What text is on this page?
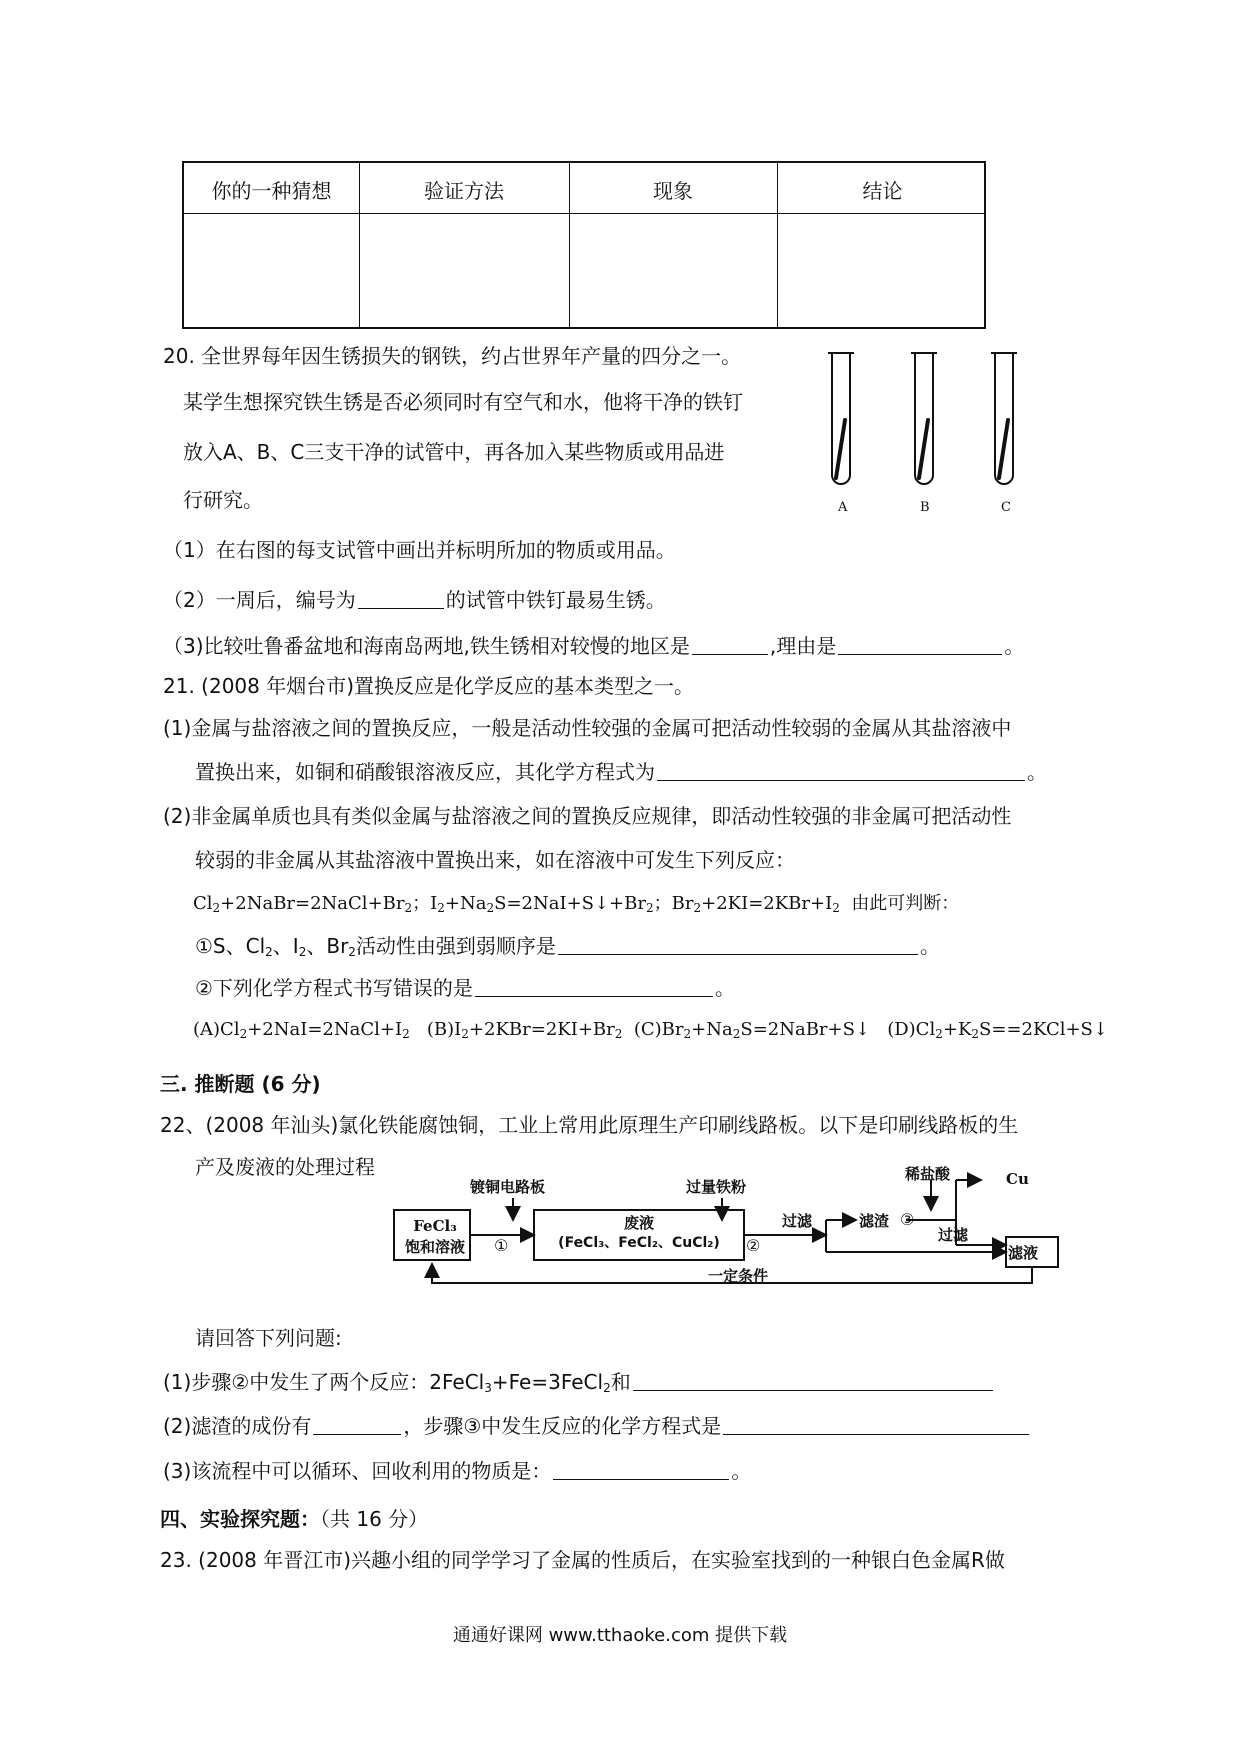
你的一种猜想	验证方法	现象	结论
20. 全世界每年因生锈损失的钢铁，约占世界年产量的四分之一。
某学生想探究铁生锈是否必须同时有空气和水，他将干净的铁钉
放入A、B、C三支干净的试管中，再各加入某些物质或用品进
行研究。	A	B	C
（1）在右图的每支试管中画出并标明所加的物质或用品。
（2）一周后，编号为	的试管中铁钉最易生锈。
（3)比较吐鲁番盆地和海南岛两地,铁生锈相对较慢的地区是	,理由是	。
21. (2008 年烟台市)置换反应是化学反应的基本类型之一。
(1)金属与盐溶液之间的置换反应，一般是活动性较强的金属可把活动性较弱的金属从其盐溶液中
置换出来，如铜和硝酸银溶液反应，其化学方程式为	。
(2)非金属单质也具有类似金属与盐溶液之间的置换反应规律，即活动性较强的非金属可把活动性
较弱的非金属从其盐溶液中置换出来，如在溶液中可发生下列反应：
$Cl_2+2NaBr=2NaCl+Br_2$；$I_2+Na_2S=2NaI+S↓+Br_2$；$Br_2+2KI=2KBr+I_2$ 由此可判断：
①S、$Cl_2$、$I_2$、$Br_2$活动性由强到弱顺序是	。
②下列化学方程式书写错误的是	。
$(A)Cl_2+2NaI=2NaCl+I_2$   $(B)I_2+2KBr=2KI+Br_2$  $(C)Br_2+Na_2S=2NaBr+S↓$   $(D)Cl_2+K_2S==2KCl+S↓$
三. 推断题 (6 分)
22、(2008 年汕头)氯化铁能腐蚀铜，工业上常用此原理生产印刷线路板。以下是印刷线路板的生
产及废液的处理过程
FeCl₃
饱和溶液
镀铜电路板
①
废液
(FeCl₃、FeCl₂、CuCl₂)
过量铁粉
②
过滤	滤渣 ③
稀盐酸
过滤
Cu
滤液
一定条件
请回答下列问题:
(1)步骤②中发生了两个反应：2FeCl$_3$+Fe=3FeCl$_2$和
(2)滤渣的成份有	，步骤③中发生反应的化学方程式是
(3)该流程中可以循环、回收利用的物质是：	。
四、实验探究题：（共 16 分）
23. (2008 年晋江市)兴趣小组的同学学习了金属的性质后，在实验室找到的一种银白色金属R做
通通好课网 www.tthaoke.com 提供下载
